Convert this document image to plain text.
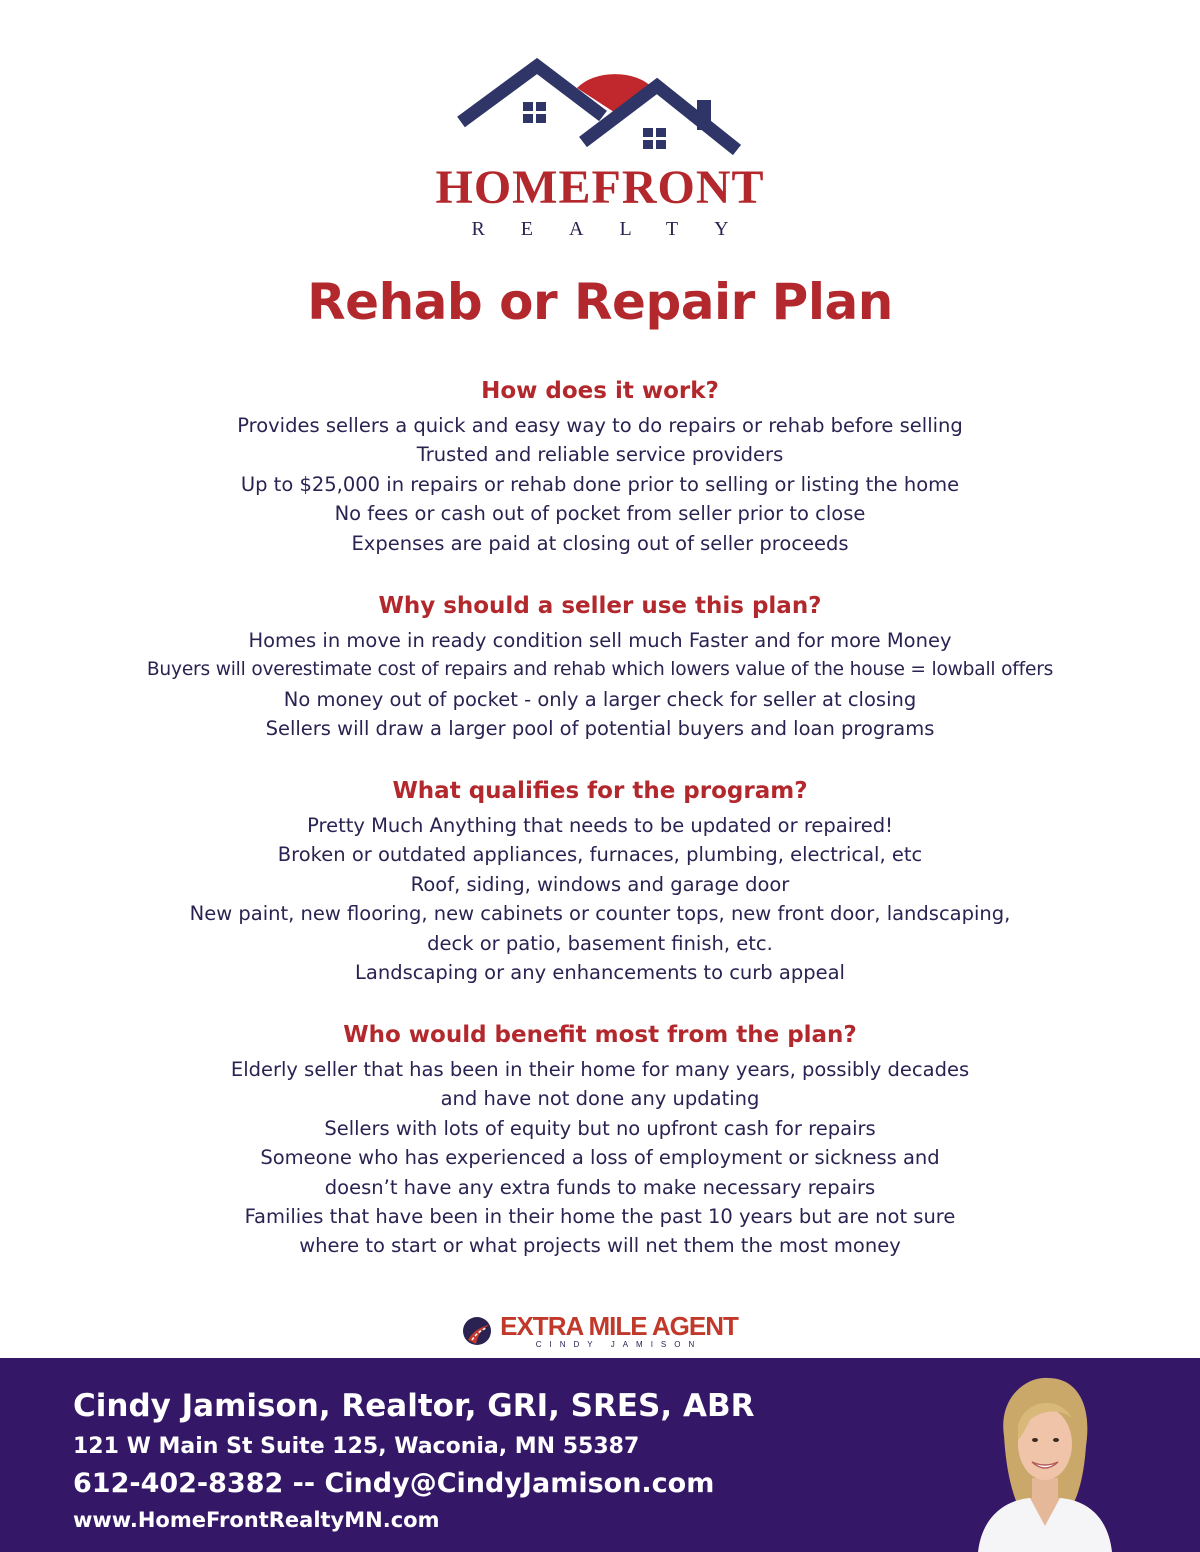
HOMEFRONT
REALTY
Rehab or Repair Plan
How does it work?

Provides sellers a quick and easy way to do repairs or rehab before selling

Trusted and reliable service providers

Up to $25,000 in repairs or rehab done prior to selling or listing the home

No fees or cash out of pocket from seller prior to close

Expenses are paid at closing out of seller proceeds

Why should a seller use this plan?

Homes in move in ready condition sell much Faster and for more Money

Buyers will overestimate cost of repairs and rehab which lowers value of the house = lowball offers

No money out of pocket - only a larger check for seller at closing

Sellers will draw a larger pool of potential buyers and loan programs

What qualifies for the program?

Pretty Much Anything that needs to be updated or repaired!

Broken or outdated appliances, furnaces, plumbing, electrical, etc

Roof, siding, windows and garage door

New paint, new flooring, new cabinets or counter tops, new front door, landscaping,

deck or patio, basement finish, etc.

Landscaping or any enhancements to curb appeal

Who would benefit most from the plan?

Elderly seller that has been in their home for many years, possibly decades

and have not done any updating

Sellers with lots of equity but no upfront cash for repairs

Someone who has experienced a loss of employment or sickness and

doesn’t have any extra funds to make necessary repairs

Families that have been in their home the past 10 years but are not sure

where to start or what projects will net them the most money

EXTRA MILE AGENT
CINDY JAMISON
Cindy Jamison, Realtor, GRI, SRES, ABR
121 W Main St Suite 125, Waconia, MN 55387
612-402-8382 -- Cindy@CindyJamison.com
www.HomeFrontRealtyMN.com
